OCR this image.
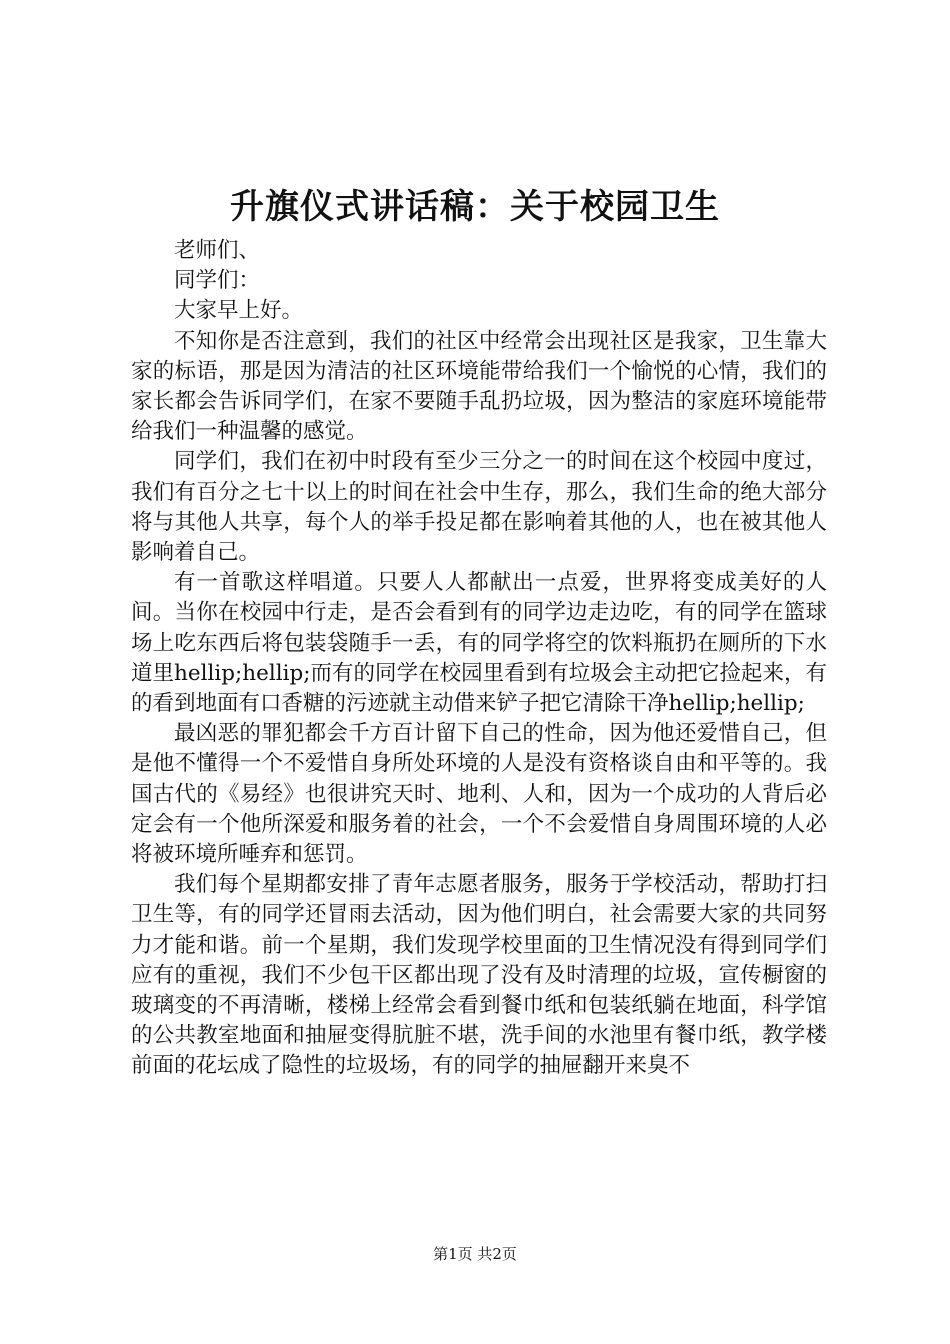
升旗仪式讲话稿：关于校园卫生

老师们、

同学们：

大家早上好。

不知你是否注意到，我们的社区中经常会出现社区是我家，卫生靠大家的标语，那是因为清洁的社区环境能带给我们一个愉悦的心情，我们的家长都会告诉同学们，在家不要随手乱扔垃圾，因为整洁的家庭环境能带给我们一种温馨的感觉。

同学们，我们在初中时段有至少三分之一的时间在这个校园中度过，我们有百分之七十以上的时间在社会中生存，那么，我们生命的绝大部分将与其他人共享，每个人的举手投足都在影响着其他的人，也在被其他人影响着自己。

有一首歌这样唱道。只要人人都献出一点爱，世界将变成美好的人间。当你在校园中行走，是否会看到有的同学边走边吃，有的同学在篮球场上吃东西后将包装袋随手一丢，有的同学将空的饮料瓶扔在厕所的下水道里hellip;hellip;而有的同学在校园里看到有垃圾会主动把它捡起来，有的看到地面有口香糖的污迹就主动借来铲子把它清除干净hellip;hellip;

最凶恶的罪犯都会千方百计留下自己的性命，因为他还爱惜自己，但是他不懂得一个不爱惜自身所处环境的人是没有资格谈自由和平等的。我国古代的《易经》也很讲究天时、地利、人和，因为一个成功的人背后必定会有一个他所深爱和服务着的社会，一个不会爱惜自身周围环境的人必将被环境所唾弃和惩罚。

我们每个星期都安排了青年志愿者服务，服务于学校活动，帮助打扫卫生等，有的同学还冒雨去活动，因为他们明白，社会需要大家的共同努力才能和谐。前一个星期，我们发现学校里面的卫生情况没有得到同学们应有的重视，我们不少包干区都出现了没有及时清理的垃圾，宣传橱窗的玻璃变的不再清晰，楼梯上经常会看到餐巾纸和包装纸躺在地面，科学馆的公共教室地面和抽屉变得肮脏不堪，洗手间的水池里有餐巾纸，教学楼前面的花坛成了隐性的垃圾场，有的同学的抽屉翻开来臭不

第1页 共2页
